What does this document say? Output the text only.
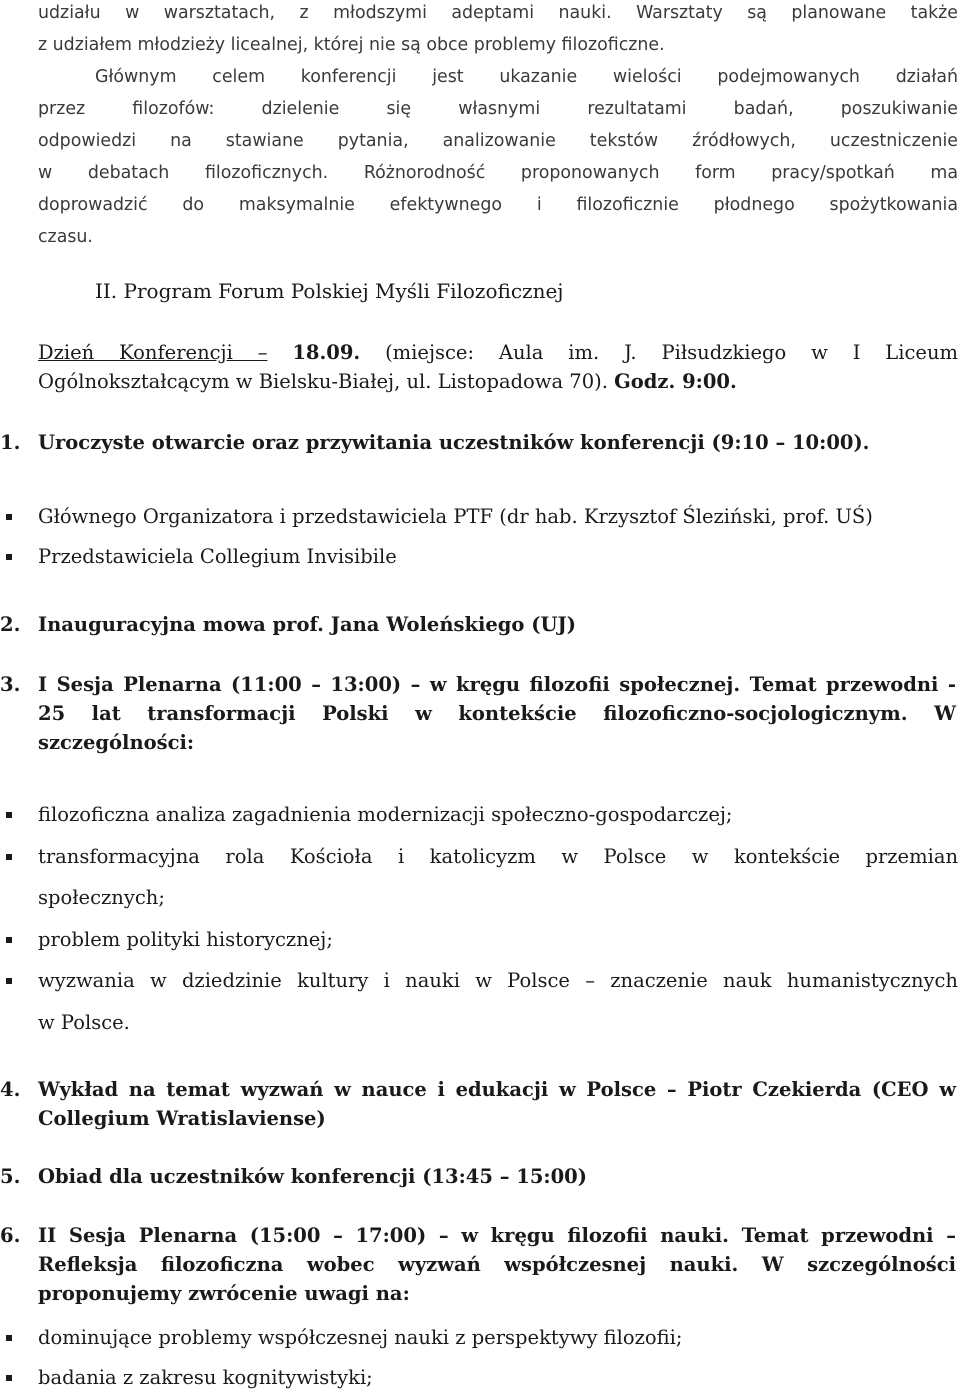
udziału w warsztatach, z młodszymi adeptami nauki. Warsztaty są planowane także
z udziałem młodzieży licealnej, której nie są obce problemy filozoficzne.
Głównym celem konferencji jest ukazanie wielości podejmowanych działań
przez filozofów: dzielenie się własnymi rezultatami badań, poszukiwanie
odpowiedzi na stawiane pytania, analizowanie tekstów źródłowych, uczestniczenie
w debatach filozoficznych. Różnorodność proponowanych form pracy/spotkań ma
doprowadzić do maksymalnie efektywnego i filozoficznie płodnego spożytkowania
czasu.
II. Program Forum Polskiej Myśli Filozoficznej
Dzień Konferencji – 18.09. (miejsce: Aula im. J. Piłsudzkiego w I Liceum
Ogólnokształcącym w Bielsku-Białej, ul. Listopadowa 70). Godz. 9:00.
1. Uroczyste otwarcie oraz przywitania uczestników konferencji (9:10 – 10:00).
Głównego Organizatora i przedstawiciela PTF (dr hab. Krzysztof Śleziński, prof. UŚ)
Przedstawiciela Collegium Invisibile
2. Inauguracyjna mowa prof. Jana Woleńskiego (UJ)
3. I Sesja Plenarna (11:00 – 13:00) – w kręgu filozofii społecznej. Temat przewodni -
25 lat transformacji Polski w kontekście filozoficzno-socjologicznym. W
szczególności:
filozoficzna analiza zagadnienia modernizacji społeczno-gospodarczej;
transformacyjna rola Kościoła i katolicyzm w Polsce w kontekście przemian
społecznych;
problem polityki historycznej;
wyzwania w dziedzinie kultury i nauki w Polsce – znaczenie nauk humanistycznych
w Polsce.
4. Wykład na temat wyzwań w nauce i edukacji w Polsce – Piotr Czekierda (CEO w
Collegium Wratislaviense)
5. Obiad dla uczestników konferencji (13:45 – 15:00)
6. II Sesja Plenarna (15:00 – 17:00) – w kręgu filozofii nauki. Temat przewodni –
Refleksja filozoficzna wobec wyzwań współczesnej nauki. W szczególności
proponujemy zwrócenie uwagi na:
dominujące problemy współczesnej nauki z perspektywy filozofii;
badania z zakresu kognitywistyki;
